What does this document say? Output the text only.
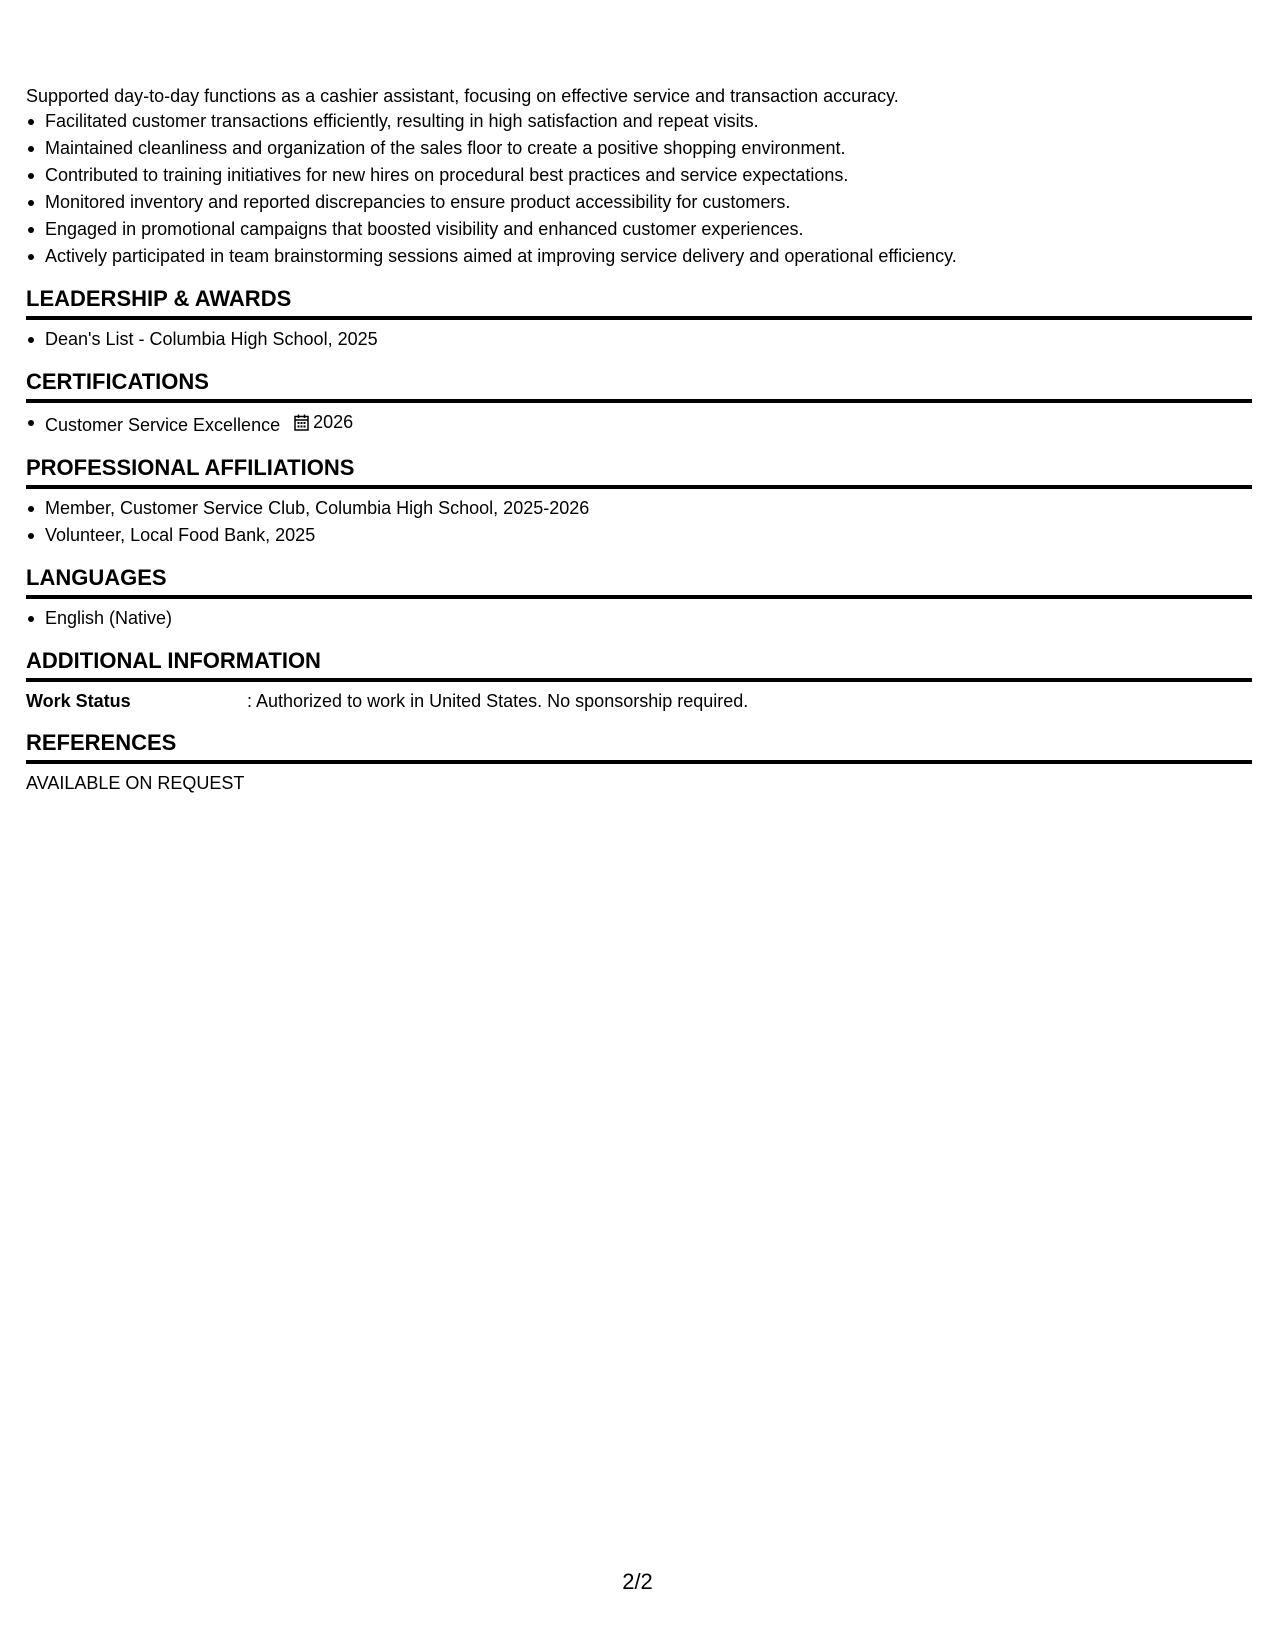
Supported day-to-day functions as a cashier assistant, focusing on effective service and transaction accuracy.

Facilitated customer transactions efficiently, resulting in high satisfaction and repeat visits.
Maintained cleanliness and organization of the sales floor to create a positive shopping environment.
Contributed to training initiatives for new hires on procedural best practices and service expectations.
Monitored inventory and reported discrepancies to ensure product accessibility for customers.
Engaged in promotional campaigns that boosted visibility and enhanced customer experiences.
Actively participated in team brainstorming sessions aimed at improving service delivery and operational efficiency.
LEADERSHIP & AWARDS
Dean's List - Columbia High School, 2025
CERTIFICATIONS
Customer Service Excellence 2026
PROFESSIONAL AFFILIATIONS
Member, Customer Service Club, Columbia High School, 2025-2026
Volunteer, Local Food Bank, 2025
LANGUAGES
English (Native)
ADDITIONAL INFORMATION
Work Status	: Authorized to work in United States. No sponsorship required.
REFERENCES

AVAILABLE ON REQUEST

2/2
